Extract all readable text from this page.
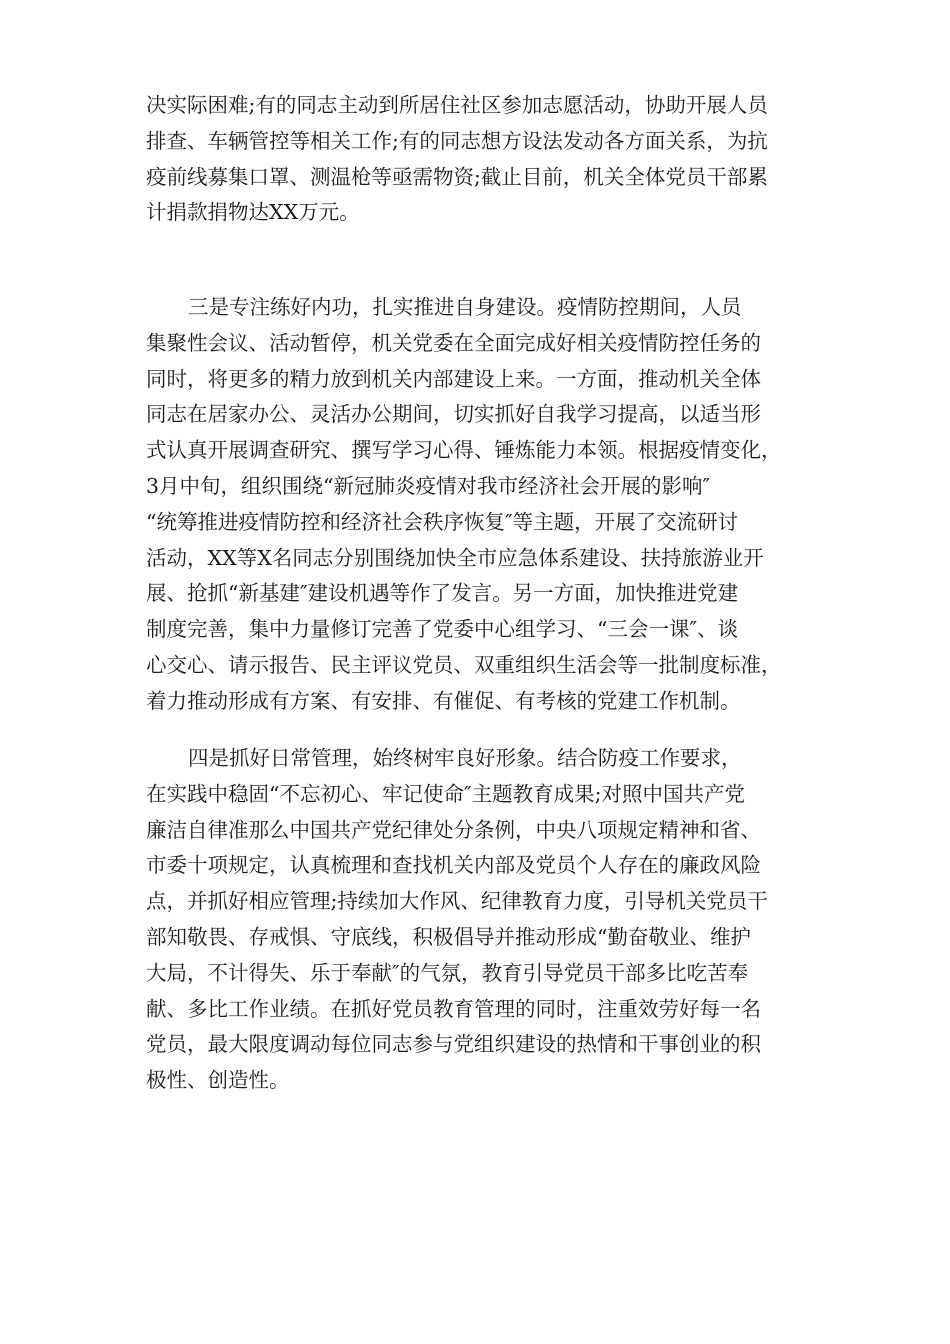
决实际困难;有的同志主动到所居住社区参加志愿活动，协助开展人员
排查、车辆管控等相关工作;有的同志想方设法发动各方面关系，为抗
疫前线募集口罩、测温枪等亟需物资;截止目前，机关全体党员干部累
计捐款捐物达XX万元。
三是专注练好内功，扎实推进自身建设。疫情防控期间，人员
集聚性会议、活动暂停，机关党委在全面完成好相关疫情防控任务的
同时，将更多的精力放到机关内部建设上来。一方面，推动机关全体
同志在居家办公、灵活办公期间，切实抓好自我学习提高，以适当形
式认真开展调查研究、撰写学习心得、锤炼能力本领。根据疫情变化，
3月中旬，组织围绕“新冠肺炎疫情对我市经济社会开展的影响″
“统筹推进疫情防控和经济社会秩序恢复″等主题，开展了交流研讨
活动，XX等X名同志分别围绕加快全市应急体系建设、扶持旅游业开
展、抢抓“新基建″建设机遇等作了发言。另一方面，加快推进党建
制度完善，集中力量修订完善了党委中心组学习、“三会一课″、谈
心交心、请示报告、民主评议党员、双重组织生活会等一批制度标准，
着力推动形成有方案、有安排、有催促、有考核的党建工作机制。
四是抓好日常管理，始终树牢良好形象。结合防疫工作要求，
在实践中稳固“不忘初心、牢记使命″主题教育成果;对照中国共产党
廉洁自律准那么中国共产党纪律处分条例，中央八项规定精神和省、
市委十项规定，认真梳理和查找机关内部及党员个人存在的廉政风险
点，并抓好相应管理;持续加大作风、纪律教育力度，引导机关党员干
部知敬畏、存戒惧、守底线，积极倡导并推动形成“勤奋敬业、维护
大局，不计得失、乐于奉献″的气氛，教育引导党员干部多比吃苦奉
献、多比工作业绩。在抓好党员教育管理的同时，注重效劳好每一名
党员，最大限度调动每位同志参与党组织建设的热情和干事创业的积
极性、创造性。
